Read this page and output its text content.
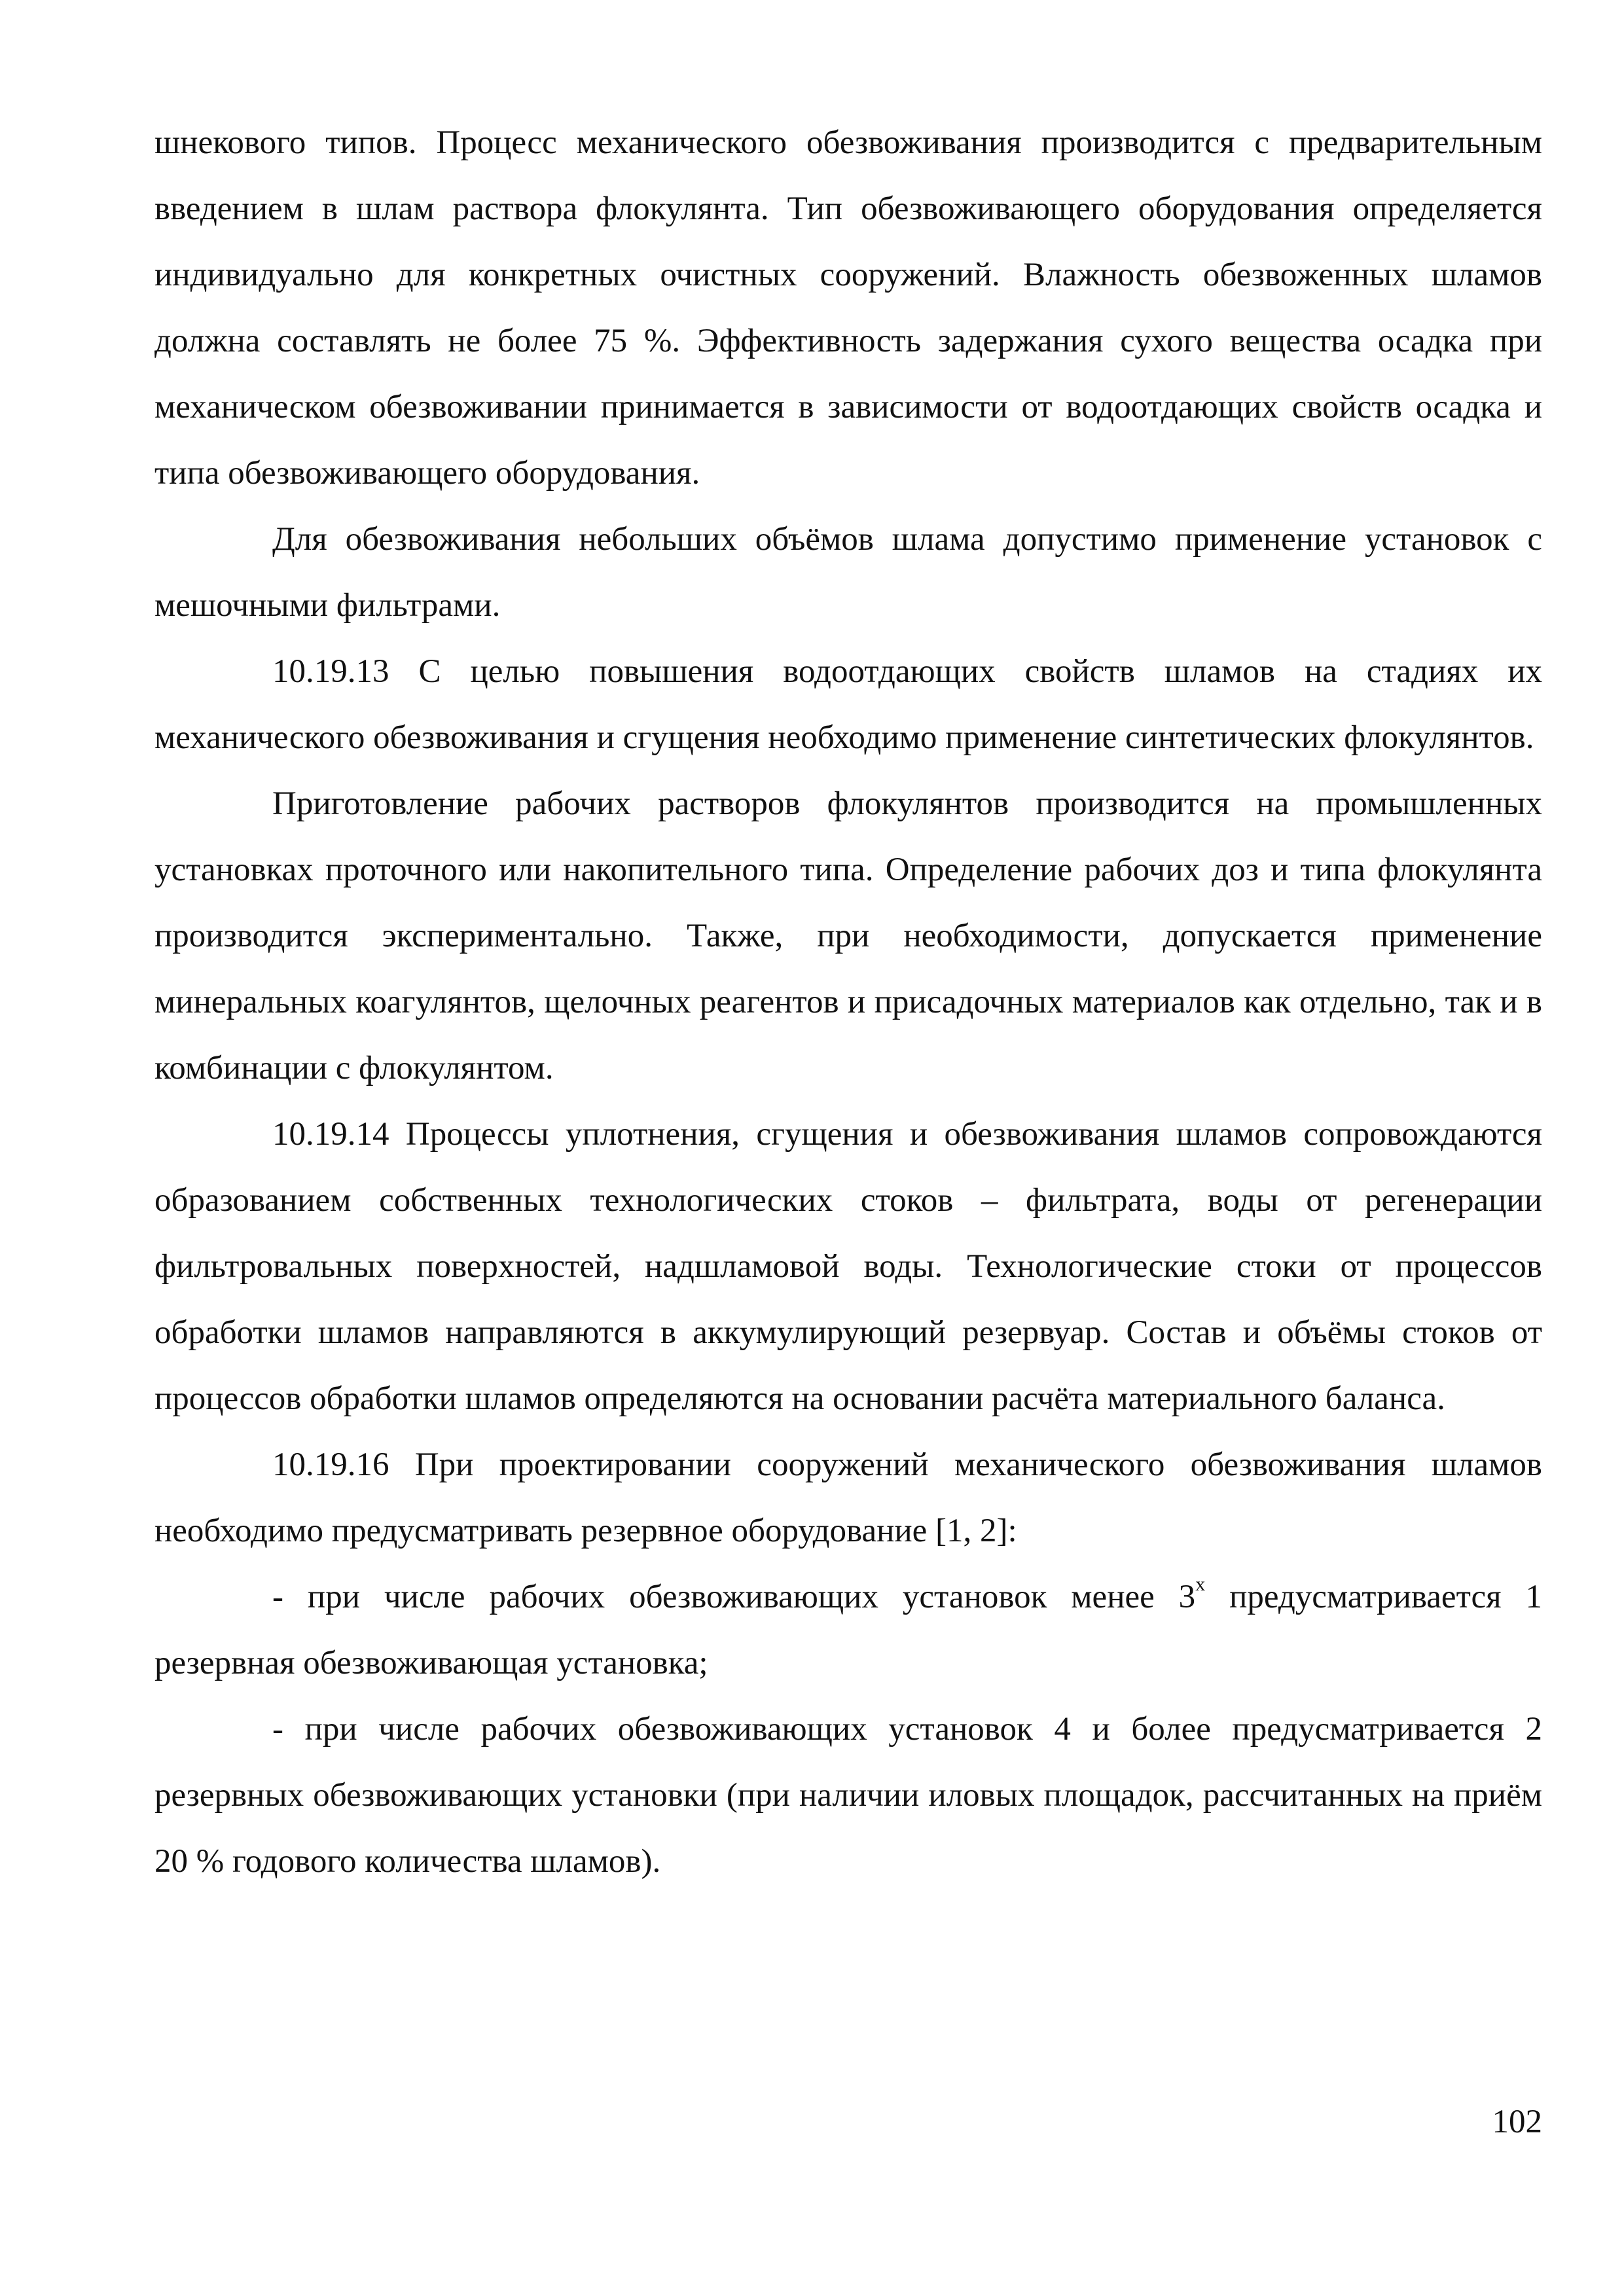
шнекового типов. Процесс механического обезвоживания производится с предварительным введением в шлам раствора флокулянта. Тип обезвоживающего оборудования определяется индивидуально для конкретных очистных сооружений. Влажность обезвоженных шламов должна составлять не более 75 %. Эффективность задержания сухого вещества осадка при механическом обезвоживании принимается в зависимости от водоотдающих свойств осадка и типа обезвоживающего оборудования.

Для обезвоживания небольших объёмов шлама допустимо применение установок с мешочными фильтрами.

10.19.13 С целью повышения водоотдающих свойств шламов на стадиях их механического обезвоживания и сгущения необходимо применение синтетических флокулянтов.

Приготовление рабочих растворов флокулянтов производится на промышленных установках проточного или накопительного типа. Определение рабочих доз и типа флокулянта производится экспериментально. Также, при необходимости, допускается применение минеральных коагулянтов, щелочных реагентов и присадочных материалов как отдельно, так и в комбинации с флокулянтом.

10.19.14 Процессы уплотнения, сгущения и обезвоживания шламов сопровождаются образованием собственных технологических стоков – фильтрата, воды от регенерации фильтровальных поверхностей, надшламовой воды. Технологические стоки от процессов обработки шламов направляются в аккумулирующий резервуар. Состав и объёмы стоков от процессов обработки шламов определяются на основании расчёта материального баланса.

10.19.16 При проектировании сооружений механического обезвоживания шламов необходимо предусматривать резервное оборудование [1, 2]:

- при числе рабочих обезвоживающих установок менее $3^х$ предусматривается 1 резервная обезвоживающая установка;

- при числе рабочих обезвоживающих установок 4 и более предусматривается 2 резервных обезвоживающих установки (при наличии иловых площадок, рассчитанных на приём 20 % годового количества шламов).

102
